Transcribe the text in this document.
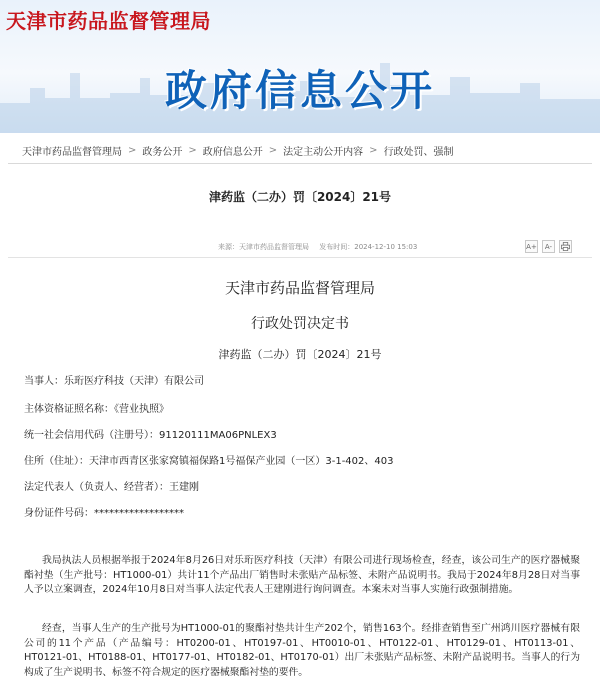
天津市药品监督管理局
政府信息公开
天津市药品监督管理局 > 政务公开 > 政府信息公开 > 法定主动公开内容 > 行政处罚、强制
津药监（二办）罚〔2024〕21号
来源：天津市药品监督管理局 发布时间：2024-12-10 15:03	A+	A-
天津市药品监督管理局
行政处罚决定书
津药监（二办）罚〔2024〕21号
当事人：乐珩医疗科技（天津）有限公司
主体资格证照名称：《营业执照》
统一社会信用代码（注册号）：91120111MA06PNLEX3
住所（住址）：天津市西青区张家窝镇福保路1号福保产业园（一区）3-1-402、403
法定代表人（负责人、经营者）：王建刚
身份证件号码：******************
我局执法人员根据举报于2024年8月26日对乐珩医疗科技（天津）有限公司进行现场检查，经查，该公司生产的医疗器械聚酯衬垫（生产批号：HT1000-01）共计11个产品出厂销售时未张贴产品标签、未附产品说明书。我局于2024年8月28日对当事人予以立案调查，2024年10月8日对当事人法定代表人王建刚进行询问调查。本案未对当事人实施行政强制措施。
经查，当事人生产的生产批号为HT1000-01的聚酯衬垫共计生产202个，销售163个。经排查销售至广州鸿川医疗器械有限公司的11个产品（产品编号：HT0200-01、HT0197-01、HT0010-01、HT0122-01、HT0129-01、HT0113-01、HT0121-01、HT0188-01、HT0177-01、HT0182-01、HT0170-01）出厂未张贴产品标签、未附产品说明书。当事人的行为构成了生产说明书、标签不符合规定的医疗器械聚酯衬垫的要件。
